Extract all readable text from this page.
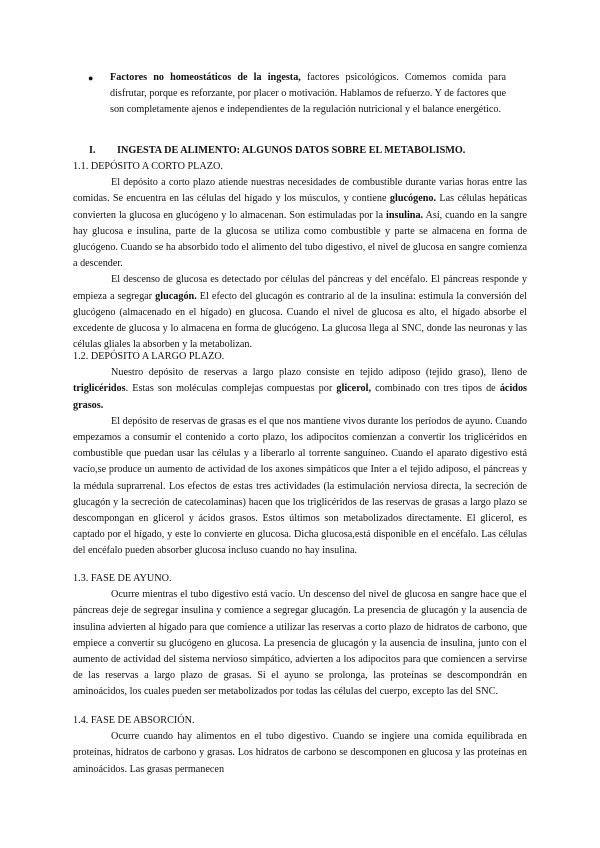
● Factores no homeostáticos de la ingesta, factores psicológicos. Comemos comida para disfrutar, porque es reforzante, por placer o motivación. Hablamos de refuerzo. Y de factores que son completamente ajenos e independientes de la regulación nutricional y el balance energético.

I. INGESTA DE ALIMENTO: ALGUNOS DATOS SOBRE EL METABOLISMO.

1.1. DEPÓSITO A CORTO PLAZO.

El depósito a corto plazo atiende nuestras necesidades de combustible durante varias horas entre las comidas. Se encuentra en las células del hígado y los músculos, y contiene glucógeno. Las células hepáticas convierten la glucosa en glucógeno y lo almacenan. Son estimuladas por la insulina. Así, cuando en la sangre hay glucosa e insulina, parte de la glucosa se utiliza como combustible y parte se almacena en forma de glucógeno. Cuando se ha absorbido todo el alimento del tubo digestivo, el nivel de glucosa en sangre comienza a descender.

El descenso de glucosa es detectado por células del páncreas y del encéfalo. El páncreas responde y empieza a segregar glucagón. El efecto del glucagón es contrario al de la insulina: estimula la conversión del glucógeno (almacenado en el hígado) en glucosa. Cuando el nivel de glucosa es alto, el hígado absorbe el excedente de glucosa y lo almacena en forma de glucógeno. La glucosa llega al SNC, donde las neuronas y las células gliales la absorben y la metabolizan.

1.2. DEPÓSITO A LARGO PLAZO.

Nuestro depósito de reservas a largo plazo consiste en tejido adiposo (tejido graso), lleno de triglicéridos. Estas son moléculas complejas compuestas por glicerol, combinado con tres tipos de ácidos grasos.

El depósito de reservas de grasas es el que nos mantiene vivos durante los períodos de ayuno. Cuando empezamos a consumir el contenido a corto plazo, los adipocitos comienzan a convertir los triglicéridos en combustible que puedan usar las células y a liberarlo al torrente sanguíneo. Cuando el aparato digestivo está vacío,se produce un aumento de actividad de los axones simpáticos que Inter a el tejido adiposo, el páncreas y la médula suprarrenal. Los efectos de estas tres actividades (la estimulación nerviosa directa, la secreción de glucagón y la secreción de catecolaminas) hacen que los triglicéridos de las reservas de grasas a largo plazo se descompongan en glicerol y ácidos grasos. Estos últimos son metabolizados directamente. El glicerol, es captado por el hígado, y este lo convierte en glucosa. Dicha glucosa,está disponible en el encéfalo. Las células del encéfalo pueden absorber glucosa incluso cuando no hay insulina.

1.3. FASE DE AYUNO.

Ocurre mientras el tubo digestivo está vacío. Un descenso del nivel de glucosa en sangre hace que el páncreas deje de segregar insulina y comience a segregar glucagón. La presencia de glucagón y la ausencia de insulina advierten al hígado para que comience a utilizar las reservas a corto plazo de hidratos de carbono, que empiece a convertir su glucógeno en glucosa. La presencia de glucagón y la ausencia de insulina, junto con el aumento de actividad del sistema nervioso simpático, advierten a los adipocitos para que comiencen a servirse de las reservas a largo plazo de grasas. Si el ayuno se prolonga, las proteínas se descompondrán en aminoácidos, los cuales pueden ser metabolizados por todas las células del cuerpo, excepto las del SNC.

1.4. FASE DE ABSORCIÓN.

Ocurre cuando hay alimentos en el tubo digestivo. Cuando se ingiere una comida equilibrada en proteínas, hidratos de carbono y grasas. Los hidratos de carbono se descomponen en glucosa y las proteínas en aminoácidos. Las grasas permanecen
